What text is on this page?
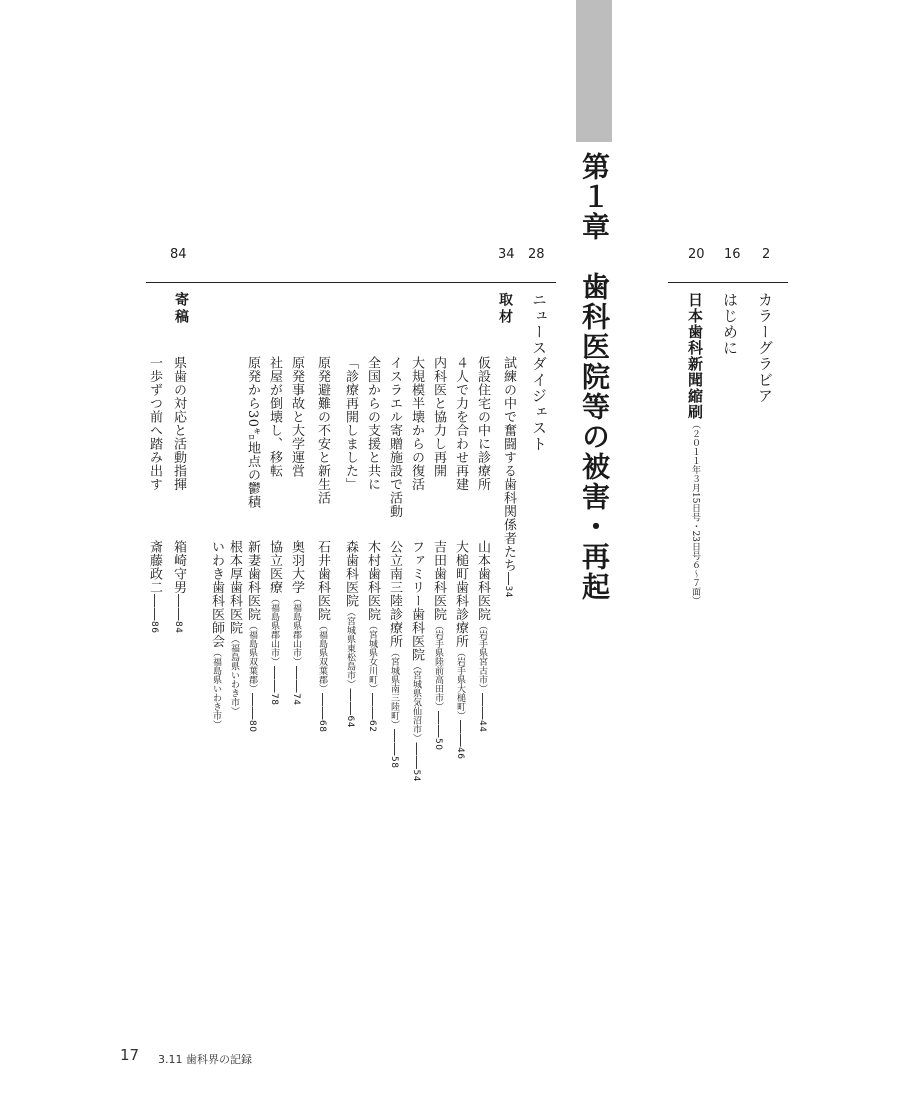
2
16
20
28
34
84
カラーグラビア
はじめに
日本歯科新聞縮刷（２０１１年３月15日号・23日号６〜７面）
第１章　歯科医院等の被害・再起
ニュースダイジェスト
取材
試練の中で奮闘する歯科関係者たち―34
仮設住宅の中に診療所
４人で力を合わせ再建
内科医と協力し再開
大規模半壊からの復活
イスラエル寄贈施設で活動
全国からの支援と共に
「診療再開しました」
原発避難の不安と新生活
原発事故と大学運営
社屋が倒壊し、移転
原発から30㌔地点の鬱積
山本歯科医院（岩手県宮古市）――44
大槌町歯科診療所（岩手県大槌町）――46
吉田歯科医院（岩手県陸前高田市）――50
ファミリー歯科医院（宮城県気仙沼市）――54
公立南三陸診療所（宮城県南三陸町）――58
木村歯科医院（宮城県女川町）――62
森歯科医院（宮城県東松島市）――64
石井歯科医院（福島県双葉郡）――68
奥羽大学（福島県郡山市）――74
協立医療（福島県郡山市）――78
新妻歯科医院（福島県双葉郡）――80
根本厚歯科医院（福島県いわき市）
いわき歯科医師会（福島県いわき市）
寄稿
県歯の対応と活動指揮
一歩ずつ前へ踏み出す
箱崎守男――84
斎藤政二――86
17 3.11 歯科界の記録
